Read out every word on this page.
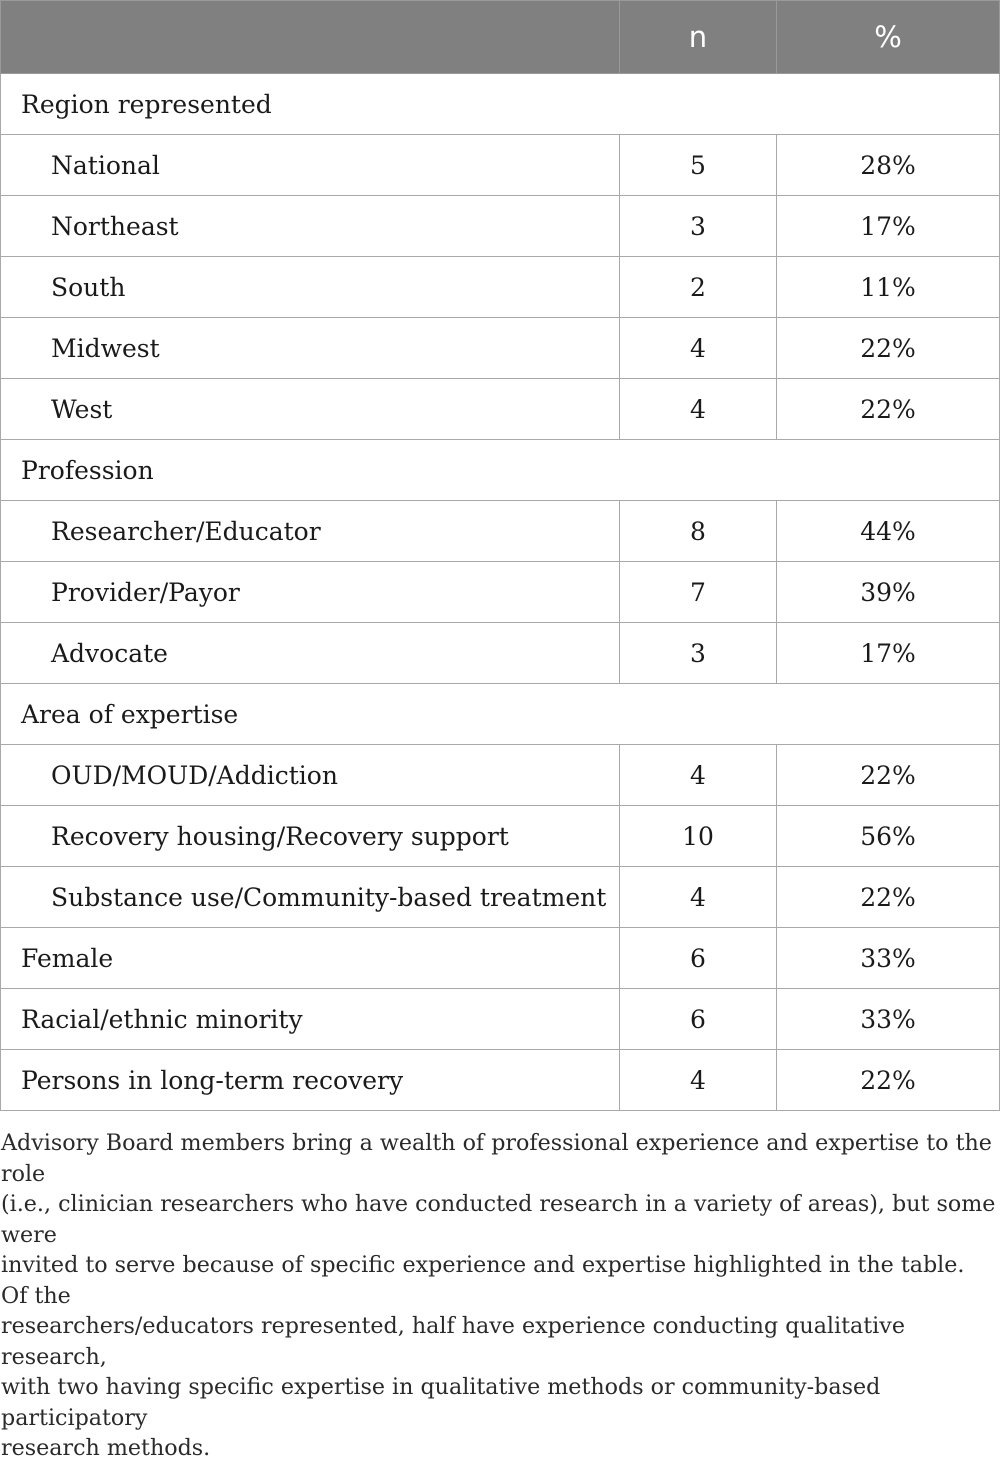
	n	%
Region represented		
National	5	28%
Northeast	3	17%
South	2	11%
Midwest	4	22%
West	4	22%
Profession		
Researcher/Educator	8	44%
Provider/Payor	7	39%
Advocate	3	17%
Area of expertise		
OUD/MOUD/Addiction	4	22%
Recovery housing/Recovery support	10	56%
Substance use/Community-based treatment	4	22%
Female	6	33%
Racial/ethnic minority	6	33%
Persons in long-term recovery	4	22%

Advisory Board members bring a wealth of professional experience and expertise to the role
(i.e., clinician researchers who have conducted research in a variety of areas), but some were
invited to serve because of specific experience and expertise highlighted in the table. Of the
researchers/educators represented, half have experience conducting qualitative research,
with two having specific expertise in qualitative methods or community-based participatory
research methods.
